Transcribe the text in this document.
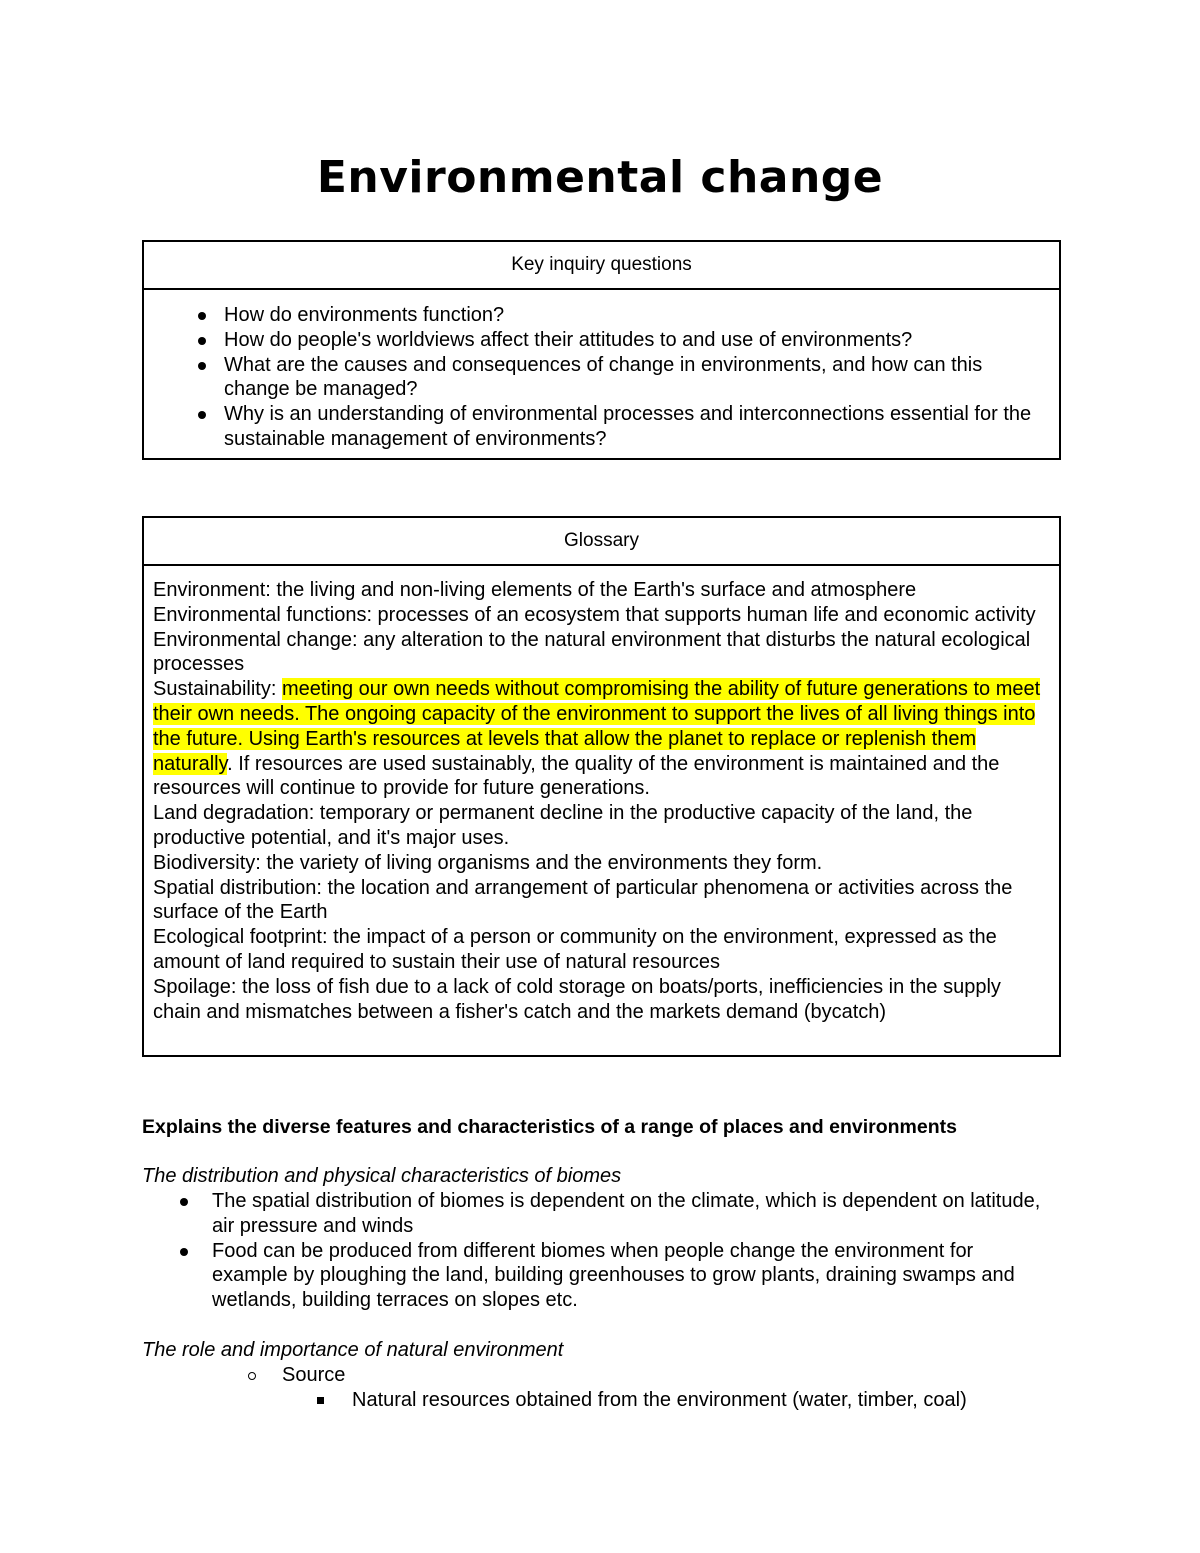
Environmental change
Key inquiry questions
How do environments function?
How do people's worldviews affect their attitudes to and use of environments?
What are the causes and consequences of change in environments, and how can this change be managed?
Why is an understanding of environmental processes and interconnections essential for the sustainable management of environments?
Glossary

Environment: the living and non-living elements of the Earth's surface and atmosphere

Environmental functions: processes of an ecosystem that supports human life and economic activity

Environmental change: any alteration to the natural environment that disturbs the natural ecological processes

Sustainability: meeting our own needs without compromising the ability of future generations to meet their own needs. The ongoing capacity of the environment to support the lives of all living things into the future. Using Earth's resources at levels that allow the planet to replace or replenish them naturally. If resources are used sustainably, the quality of the environment is maintained and the resources will continue to provide for future generations.

Land degradation: temporary or permanent decline in the productive capacity of the land, the productive potential, and it's major uses.

Biodiversity: the variety of living organisms and the environments they form.

Spatial distribution: the location and arrangement of particular phenomena or activities across the surface of the Earth

Ecological footprint: the impact of a person or community on the environment, expressed as the amount of land required to sustain their use of natural resources

Spoilage: the loss of fish due to a lack of cold storage on boats/ports, inefficiencies in the supply chain and mismatches between a fisher's catch and the markets demand (bycatch)

Explains the diverse features and characteristics of a range of places and environments
The distribution and physical characteristics of biomes
The spatial distribution of biomes is dependent on the climate, which is dependent on latitude, air pressure and winds
Food can be produced from different biomes when people change the environment for example by ploughing the land, building greenhouses to grow plants, draining swamps and wetlands, building terraces on slopes etc.
The role and importance of natural environment
Source
Natural resources obtained from the environment (water, timber, coal)
